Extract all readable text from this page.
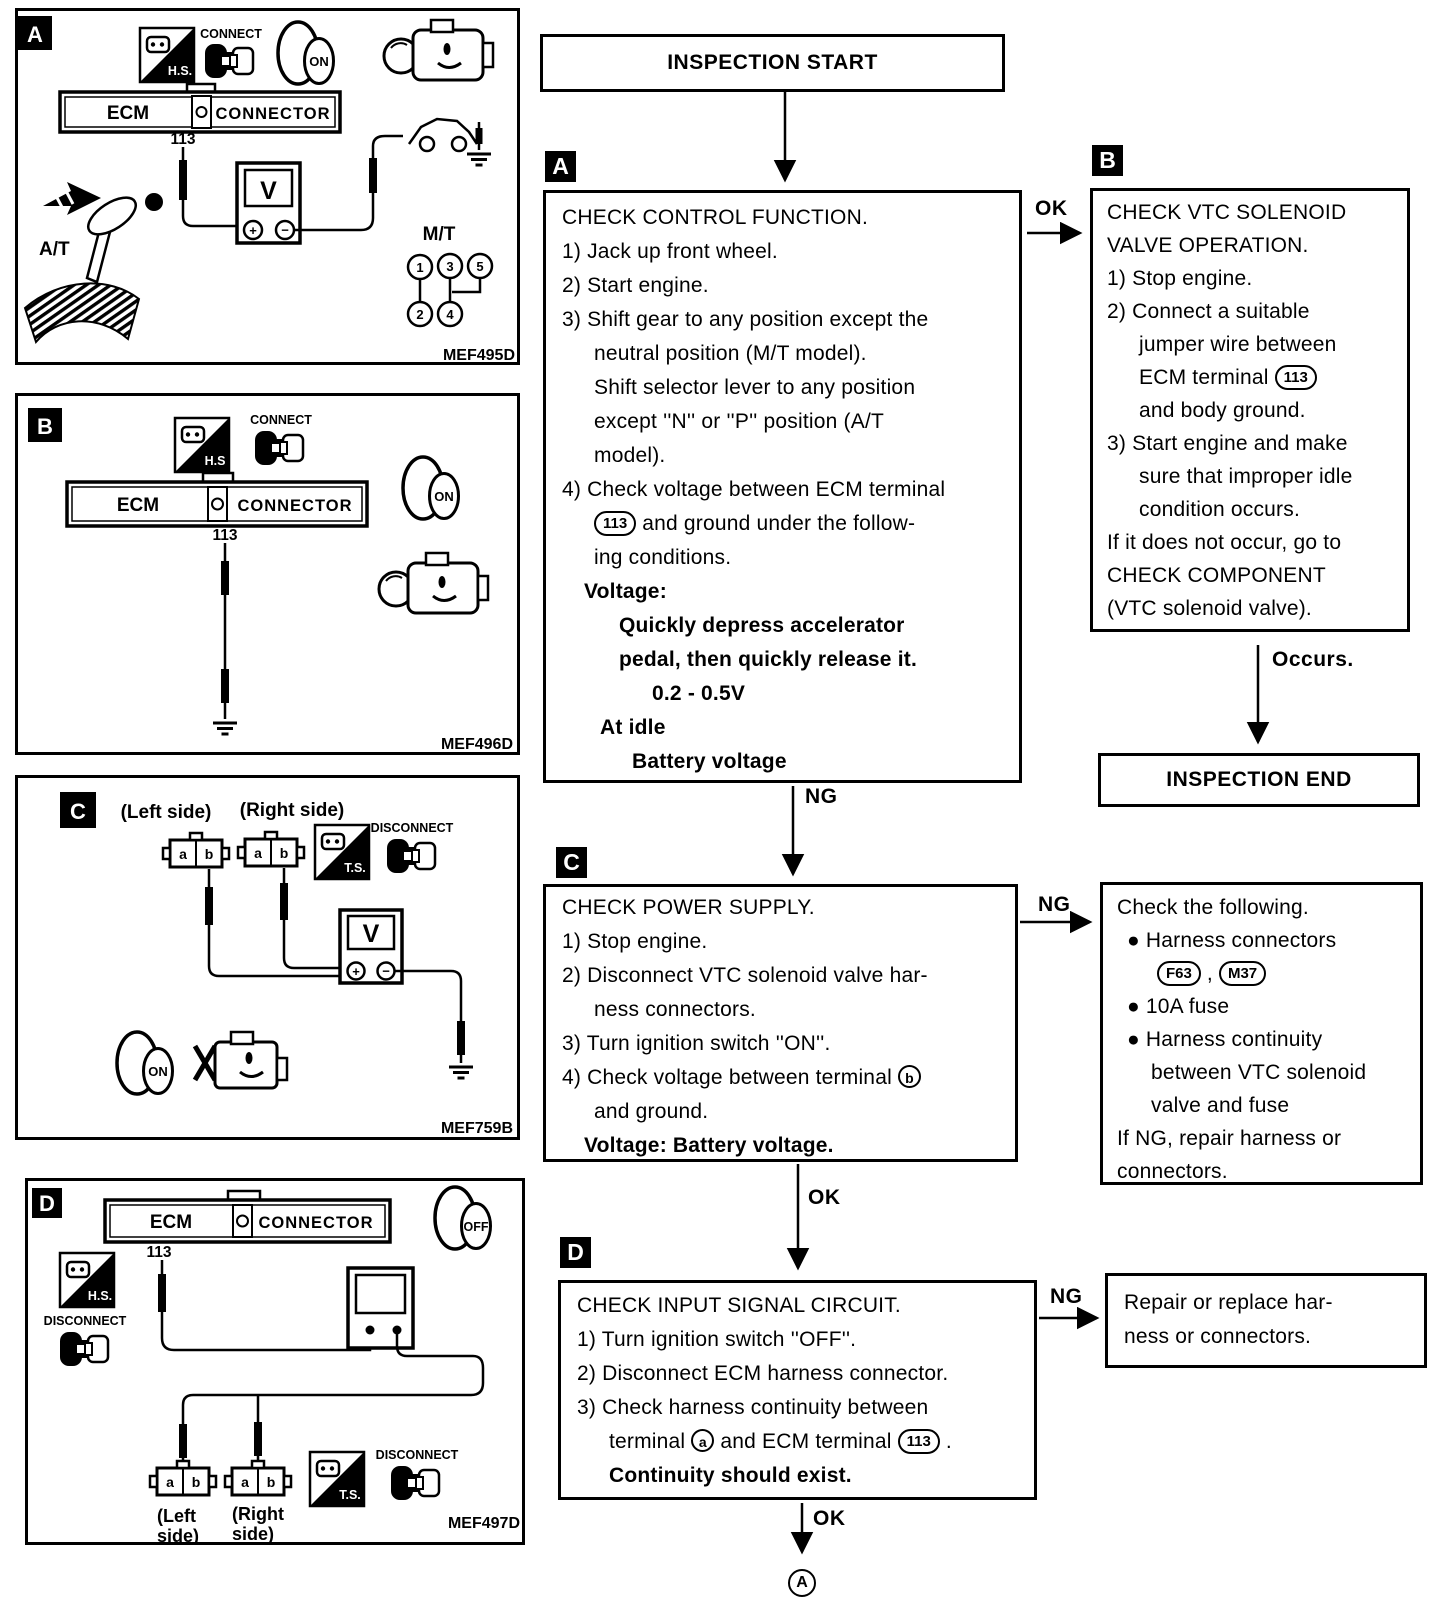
A
H.S.
CONNECT
ON
ECM	CONNECTOR
113
V
+ −
A/T
M/T
1 3 5
2 4
MEF495D
B
H.S
CONNECT
ECM	CONNECTOR
113
ON
MEF496D
C (Left side) (Right side)
a b	a b
T.S.
DISCONNECT
V
+ −
ON
MEF759B
D
ECM	CONNECTOR
113
OFF
H.S.
DISCONNECT
a b	a b
(Left
side)
(Right
side)
T.S.
DISCONNECT
MEF497D
INSPECTION START
A
CHECK CONTROL FUNCTION.
1) Jack up front wheel.
2) Start engine.
3) Shift gear to any position except the
neutral position (M/T model).
Shift selector lever to any position
except ''N'' or ''P'' position (A/T
model).
4) Check voltage between ECM terminal
113 and ground under the follow-
ing conditions.
Voltage:
Quickly depress accelerator
pedal, then quickly release it.
0.2 - 0.5V
At idle
Battery voltage
OK
B
CHECK VTC SOLENOID
VALVE OPERATION.
1) Stop engine.
2) Connect a suitable
jumper wire between
ECM terminal 113
and body ground.
3) Start engine and make
sure that improper idle
condition occurs.
If it does not occur, go to
CHECK COMPONENT
(VTC solenoid valve).
Occurs.
INSPECTION END
NG
C
CHECK POWER SUPPLY.
1) Stop engine.
2) Disconnect VTC solenoid valve har-
ness connectors.
3) Turn ignition switch ''ON''.
4) Check voltage between terminal b
and ground.
Voltage: Battery voltage.
NG Check the following.
● Harness connectors
F63 , M37
● 10A fuse
● Harness continuity
between VTC solenoid
valve and fuse
If NG, repair harness or
connectors.
OK
D
CHECK INPUT SIGNAL CIRCUIT.
1) Turn ignition switch ''OFF''.
2) Disconnect ECM harness connector.
3) Check harness continuity between
terminal a and ECM terminal 113 .
Continuity should exist.
NG Repair or replace har-
ness or connectors.
OK
A
